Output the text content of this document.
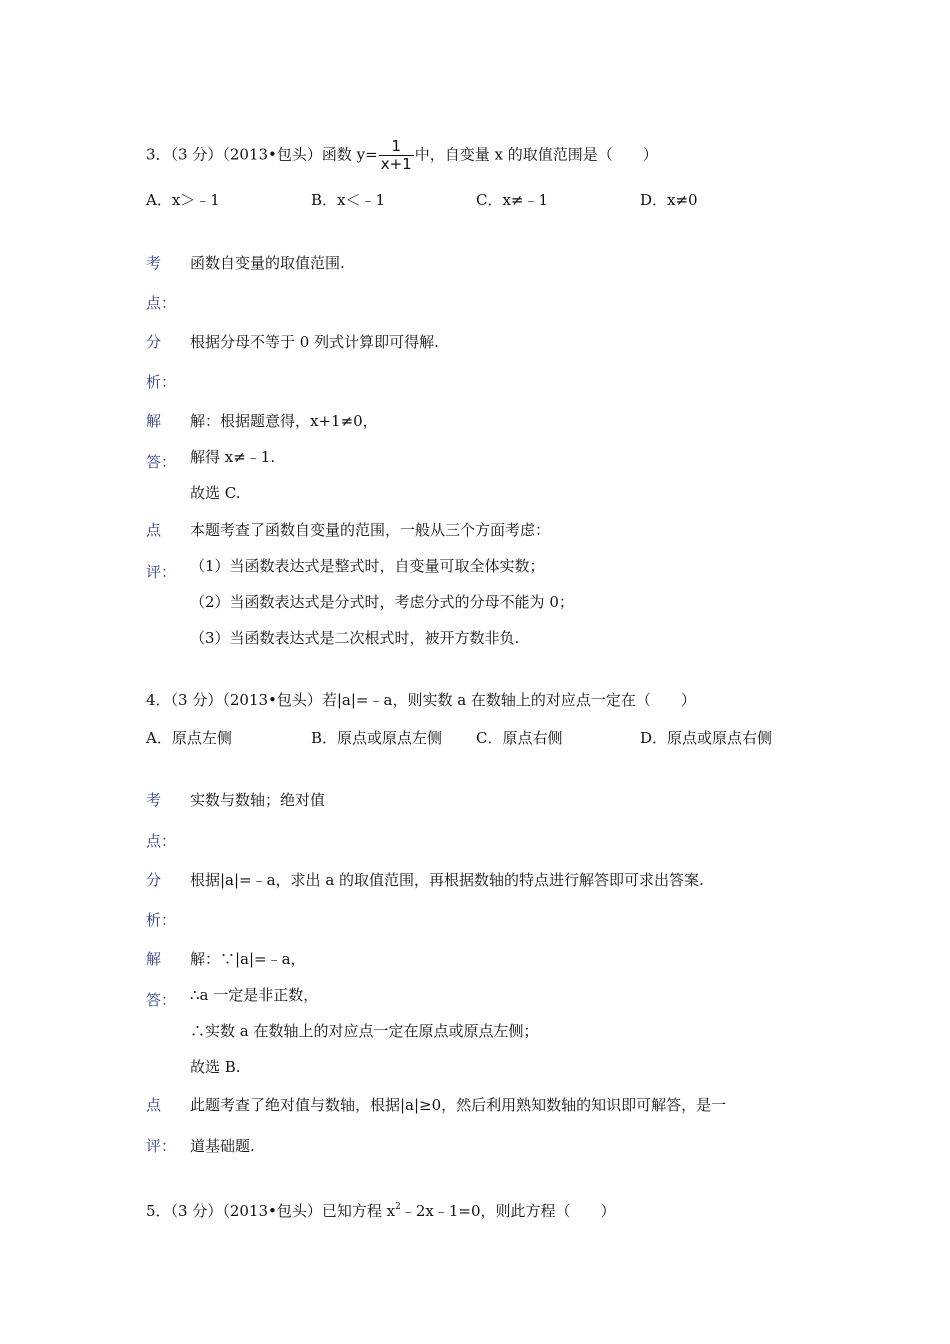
3．（3 分）（2013•包头）函数 $y= \frac{1}{x+1}$ 中，自变量 x 的取值范围是（　　）
A．x＞﹣1	B．x＜﹣1	C．x≠﹣1	D．x≠0
考
点：
函数自变量的取值范围.
分
析：
根据分母不等于 0 列式计算即可得解.
解
答：
解：根据题意得，x+1≠0，
解得 x≠﹣1.
故选 C.
点
评：
本题考查了函数自变量的范围，一般从三个方面考虑：
（1）当函数表达式是整式时，自变量可取全体实数；
（2）当函数表达式是分式时，考虑分式的分母不能为 0；
（3）当函数表达式是二次根式时，被开方数非负.
4．（3 分）（2013•包头）若|a|=﹣a，则实数 a 在数轴上的对应点一定在（　　）
A．原点左侧	B．原点或原点左侧 C．原点右侧	D．原点或原点右侧
考
点：
实数与数轴；绝对值
分
析：
根据|a|=﹣a，求出 a 的取值范围，再根据数轴的特点进行解答即可求出答案.
解
答：
解：∵|a|=﹣a，
∴a 一定是非正数，
∴实数 a 在数轴上的对应点一定在原点或原点左侧；
故选 B.
点
评：
此题考查了绝对值与数轴，根据|a|≥0，然后利用熟知数轴的知识即可解答，是一
道基础题.
5．（3 分）（2013•包头）已知方程 $x^2﹣2x﹣1=0$，则此方程（　　）
